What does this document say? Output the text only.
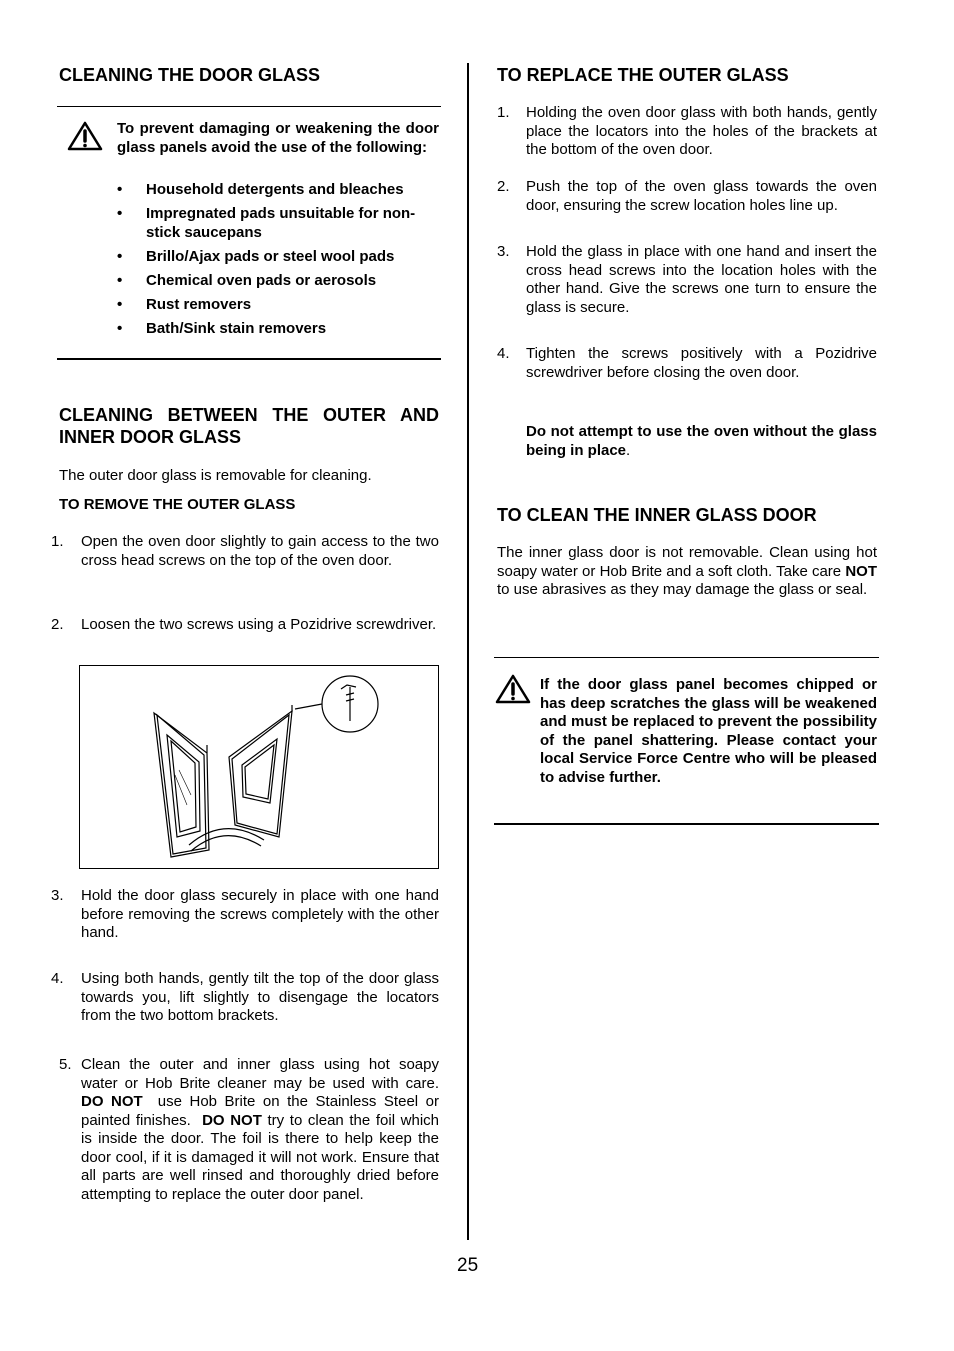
CLEANING THE DOOR GLASS
To prevent damaging or weakening the door glass panels avoid the use of the following:
• Household detergents and bleaches
• Impregnated pads unsuitable for non-stick saucepans
• Brillo/Ajax pads or steel wool pads
• Chemical oven pads or aerosols
• Rust removers
• Bath/Sink stain removers
CLEANING BETWEEN THE OUTER AND INNER DOOR GLASS
The outer door glass is removable for cleaning.
TO REMOVE THE OUTER GLASS
1. Open the oven door slightly to gain access to the two cross head screws on the top of the oven door.
2. Loosen the two screws using a Pozidrive screwdriver.
3. Hold the door glass securely in place with one hand before removing the screws completely with the other hand.
4. Using both hands, gently tilt the top of the door glass towards you, lift slightly to disengage the locators from the two bottom brackets.
5. Clean the outer and inner glass using hot soapy water or Hob Brite cleaner may be used with care. DO NOT use Hob Brite on the Stainless Steel or painted finishes. DO NOT try to clean the foil which is inside the door. The foil is there to help keep the door cool, if it is damaged it will not work. Ensure that all parts are well rinsed and thoroughly dried before attempting to replace the outer door panel.
TO REPLACE THE OUTER GLASS
1. Holding the oven door glass with both hands, gently place the locators into the holes of the brackets at the bottom of the oven door.
2. Push the top of the oven glass towards the oven door, ensuring the screw location holes line up.
3. Hold the glass in place with one hand and insert the cross head screws into the location holes with the other hand. Give the screws one turn to ensure the glass is secure.
4. Tighten the screws positively with a Pozidrive screwdriver before closing the oven door.
Do not attempt to use the oven without the glass being in place.
TO CLEAN THE INNER GLASS DOOR
The inner glass door is not removable. Clean using hot soapy water or Hob Brite and a soft cloth. Take care NOT to use abrasives as they may damage the glass or seal.
If the door glass panel becomes chipped or has deep scratches the glass will be weakened and must be replaced to prevent the possibility of the panel shattering. Please contact your local Service Force Centre who will be pleased to advise further.
25
